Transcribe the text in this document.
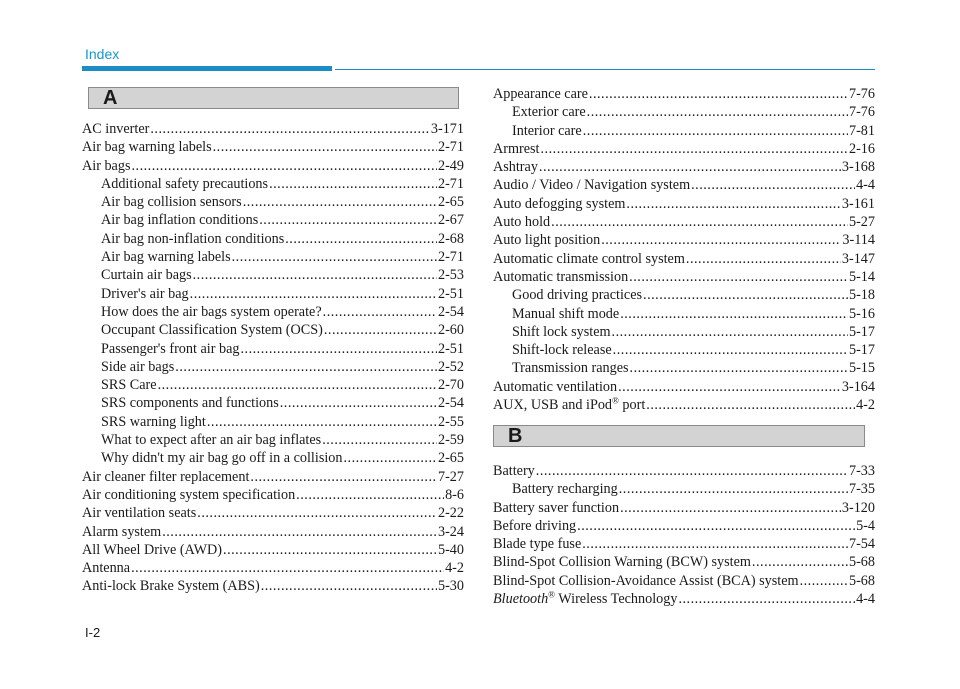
Index
A
AC inverter .....	3-171
Air bag warning labels .....	2-71
Air bags .....	2-49
Additional safety precautions .....	2-71
Air bag collision sensors .....	2-65
Air bag inflation conditions .....	2-67
Air bag non-inflation conditions .....	2-68
Air bag warning labels .....	2-71
Curtain air bags .....	2-53
Driver's air bag .....	2-51
How does the air bags system operate? .....	2-54
Occupant Classification System (OCS) .....	2-60
Passenger's front air bag .....	2-51
Side air bags .....	2-52
SRS Care .....	2-70
SRS components and functions .....	2-54
SRS warning light .....	2-55
What to expect after an air bag inflates .....	2-59
Why didn't my air bag go off in a collision .....	2-65
Air cleaner filter replacement .....	7-27
Air conditioning system specification .....	8-6
Air ventilation seats .....	2-22
Alarm system .....	3-24
All Wheel Drive (AWD) .....	5-40
Antenna .....	4-2
Anti-lock Brake System (ABS) .....	5-30
Appearance care .....	7-76
Exterior care .....	7-76
Interior care .....	7-81
Armrest .....	2-16
Ashtray .....	3-168
Audio / Video / Navigation system .....	4-4
Auto defogging system .....	3-161
Auto hold .....	5-27
Auto light position .....	3-114
Automatic climate control system .....	3-147
Automatic transmission .....	5-14
Good driving practices .....	5-18
Manual shift mode .....	5-16
Shift lock system .....	5-17
Shift-lock release .....	5-17
Transmission ranges .....	5-15
Automatic ventilation .....	3-164
AUX, USB and iPod® port .....	4-2
B
Battery .....	7-33
Battery recharging .....	7-35
Battery saver function .....	3-120
Before driving .....	5-4
Blade type fuse .....	7-54
Blind-Spot Collision Warning (BCW) system .....	5-68
Blind-Spot Collision-Avoidance Assist (BCA) system .....	5-68
Bluetooth® Wireless Technology .....	4-4
I-2
